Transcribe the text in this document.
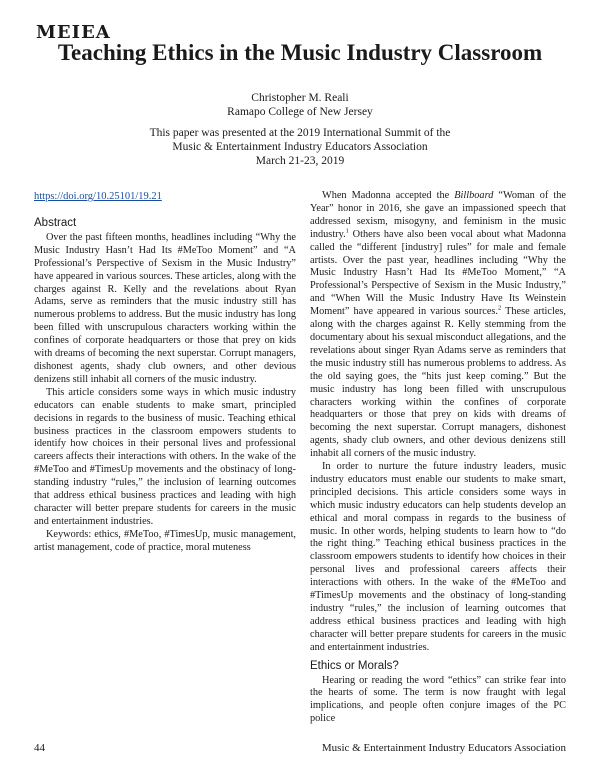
MEIEA
Teaching Ethics in the Music Industry Classroom
Christopher M. Reali
Ramapo College of New Jersey
This paper was presented at the 2019 International Summit of the
Music & Entertainment Industry Educators Association
March 21-23, 2019
https://doi.org/10.25101/19.21
Abstract

Over the past fifteen months, headlines including “Why the Music Industry Hasn’t Had Its #MeToo Moment” and “A Professional’s Perspective of Sexism in the Music Industry” have appeared in various sources. These articles, along with the charges against R. Kelly and the revelations about Ryan Adams, serve as reminders that the music industry still has numerous problems to address. But the music industry has long been filled with unscrupulous characters working within the confines of corporate headquarters or those that prey on kids with dreams of becoming the next superstar. Corrupt managers, dishonest agents, shady club owners, and other devious denizens still inhabit all corners of the music industry.

This article considers some ways in which music industry educators can enable students to make smart, principled decisions in regards to the business of music. Teaching ethical business practices in the classroom empowers students to identify how choices in their personal lives and professional careers affects their interactions with others. In the wake of the #MeToo and #TimesUp movements and the obstinacy of long-standing industry “rules,” the inclusion of learning outcomes that address ethical business practices and leading with high character will better prepare students for careers in the music and entertainment industries.

Keywords: ethics, #MeToo, #TimesUp, music management, artist management, code of practice, moral muteness

When Madonna accepted the Billboard “Woman of the Year” honor in 2016, she gave an impassioned speech that addressed sexism, misogyny, and feminism in the music industry.$^1$ Others have also been vocal about what Madonna called the “different [industry] rules” for male and female artists. Over the past year, headlines including “Why the Music Industry Hasn’t Had Its #MeToo Moment,” “A Professional’s Perspective of Sexism in the Music Industry,” and “When Will the Music Industry Have Its Weinstein Moment” have appeared in various sources.$^2$ These articles, along with the charges against R. Kelly stemming from the documentary about his sexual misconduct allegations, and the revelations about singer Ryan Adams serve as reminders that the music industry still has numerous problems to address. As the old saying goes, the “hits just keep coming.” But the music industry has long been filled with unscrupulous characters working within the confines of corporate headquarters or those that prey on kids with dreams of becoming the next superstar. Corrupt managers, dishonest agents, shady club owners, and other devious denizens still inhabit all corners of the music industry.

In order to nurture the future industry leaders, music industry educators must enable our students to make smart, principled decisions. This article considers some ways in which music industry educators can help students develop an ethical and moral compass in regards to the business of music. In other words, helping students to learn how to “do the right thing.” Teaching ethical business practices in the classroom empowers students to identify how choices in their personal lives and professional careers affects their interactions with others. In the wake of the #MeToo and #TimesUp movements and the obstinacy of long-standing industry “rules,” the inclusion of learning outcomes that address ethical business practices and leading with high character will better prepare students for careers in the music and entertainment industries.

Ethics or Morals?

Hearing or reading the word “ethics” can strike fear into the hearts of some. The term is now fraught with legal implications, and people often conjure images of the PC police

44	Music & Entertainment Industry Educators Association
